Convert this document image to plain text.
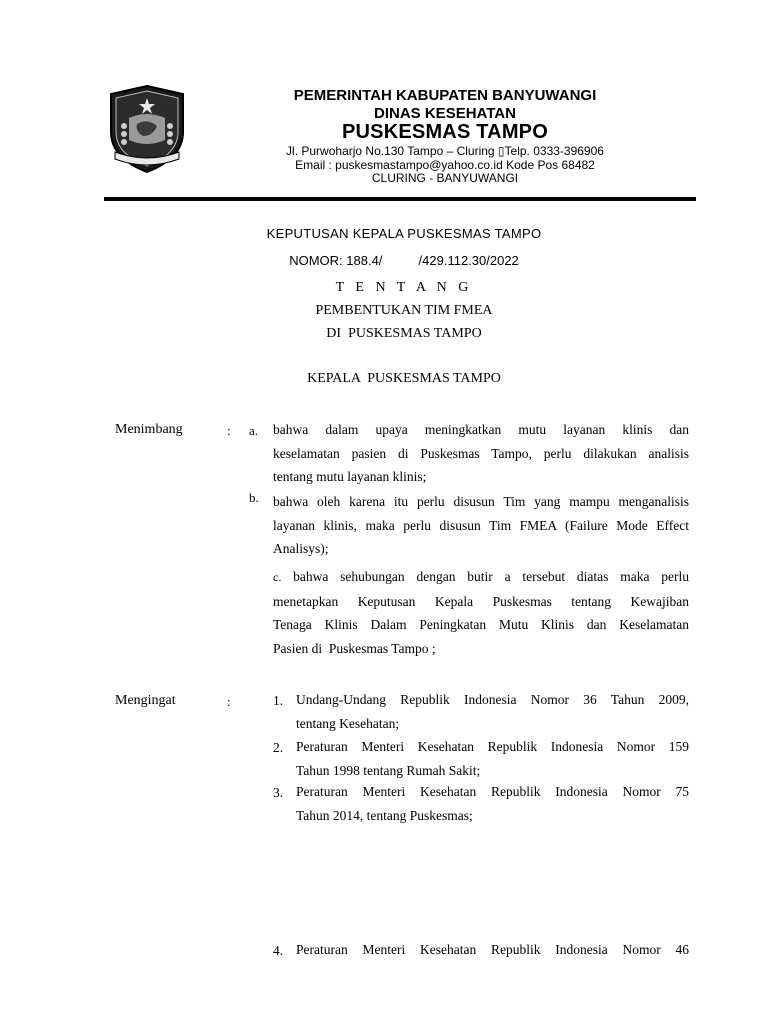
PEMERINTAH KABUPATEN BANYUWANGI
DINAS KESEHATAN
PUSKESMAS TAMPO
Jl. Purwoharjo No.130 Tampo – Cluring ▯Telp. 0333-396906
Email : puskesmastampo@yahoo.co.id Kode Pos 68482
CLURING - BANYUWANGI
KEPUTUSAN KEPALA PUSKESMAS TAMPO
NOMOR: 188.4/          /429.112.30/2022
T E N T A N G
PEMBENTUKAN TIM FMEA
DI  PUSKESMAS TAMPO
KEPALA  PUSKESMAS TAMPO
Menimbang	: a. bahwa dalam upaya meningkatkan mutu layanan klinis dan
keselamatan pasien di Puskesmas Tampo, perlu dilakukan analisis
tentang mutu layanan klinis;
b. bahwa oleh karena itu perlu disusun Tim yang mampu menganalisis
layanan klinis, maka perlu disusun Tim FMEA (Failure Mode Effect
Analisys);
c. bahwa sehubungan dengan butir a tersebut diatas maka perlu
menetapkan Keputusan Kepala Puskesmas tentang Kewajiban
Tenaga Klinis Dalam Peningkatan Mutu Klinis dan Keselamatan
Pasien di  Puskesmas Tampo ;
Mengingat	:	1. Undang-Undang Republik Indonesia Nomor 36 Tahun 2009,
tentang Kesehatan;
2. Peraturan Menteri Kesehatan Republik Indonesia Nomor 159
Tahun 1998 tentang Rumah Sakit;
3. Peraturan Menteri Kesehatan Republik Indonesia Nomor 75
Tahun 2014, tentang Puskesmas;
4. Peraturan Menteri Kesehatan Republik Indonesia Nomor 46
